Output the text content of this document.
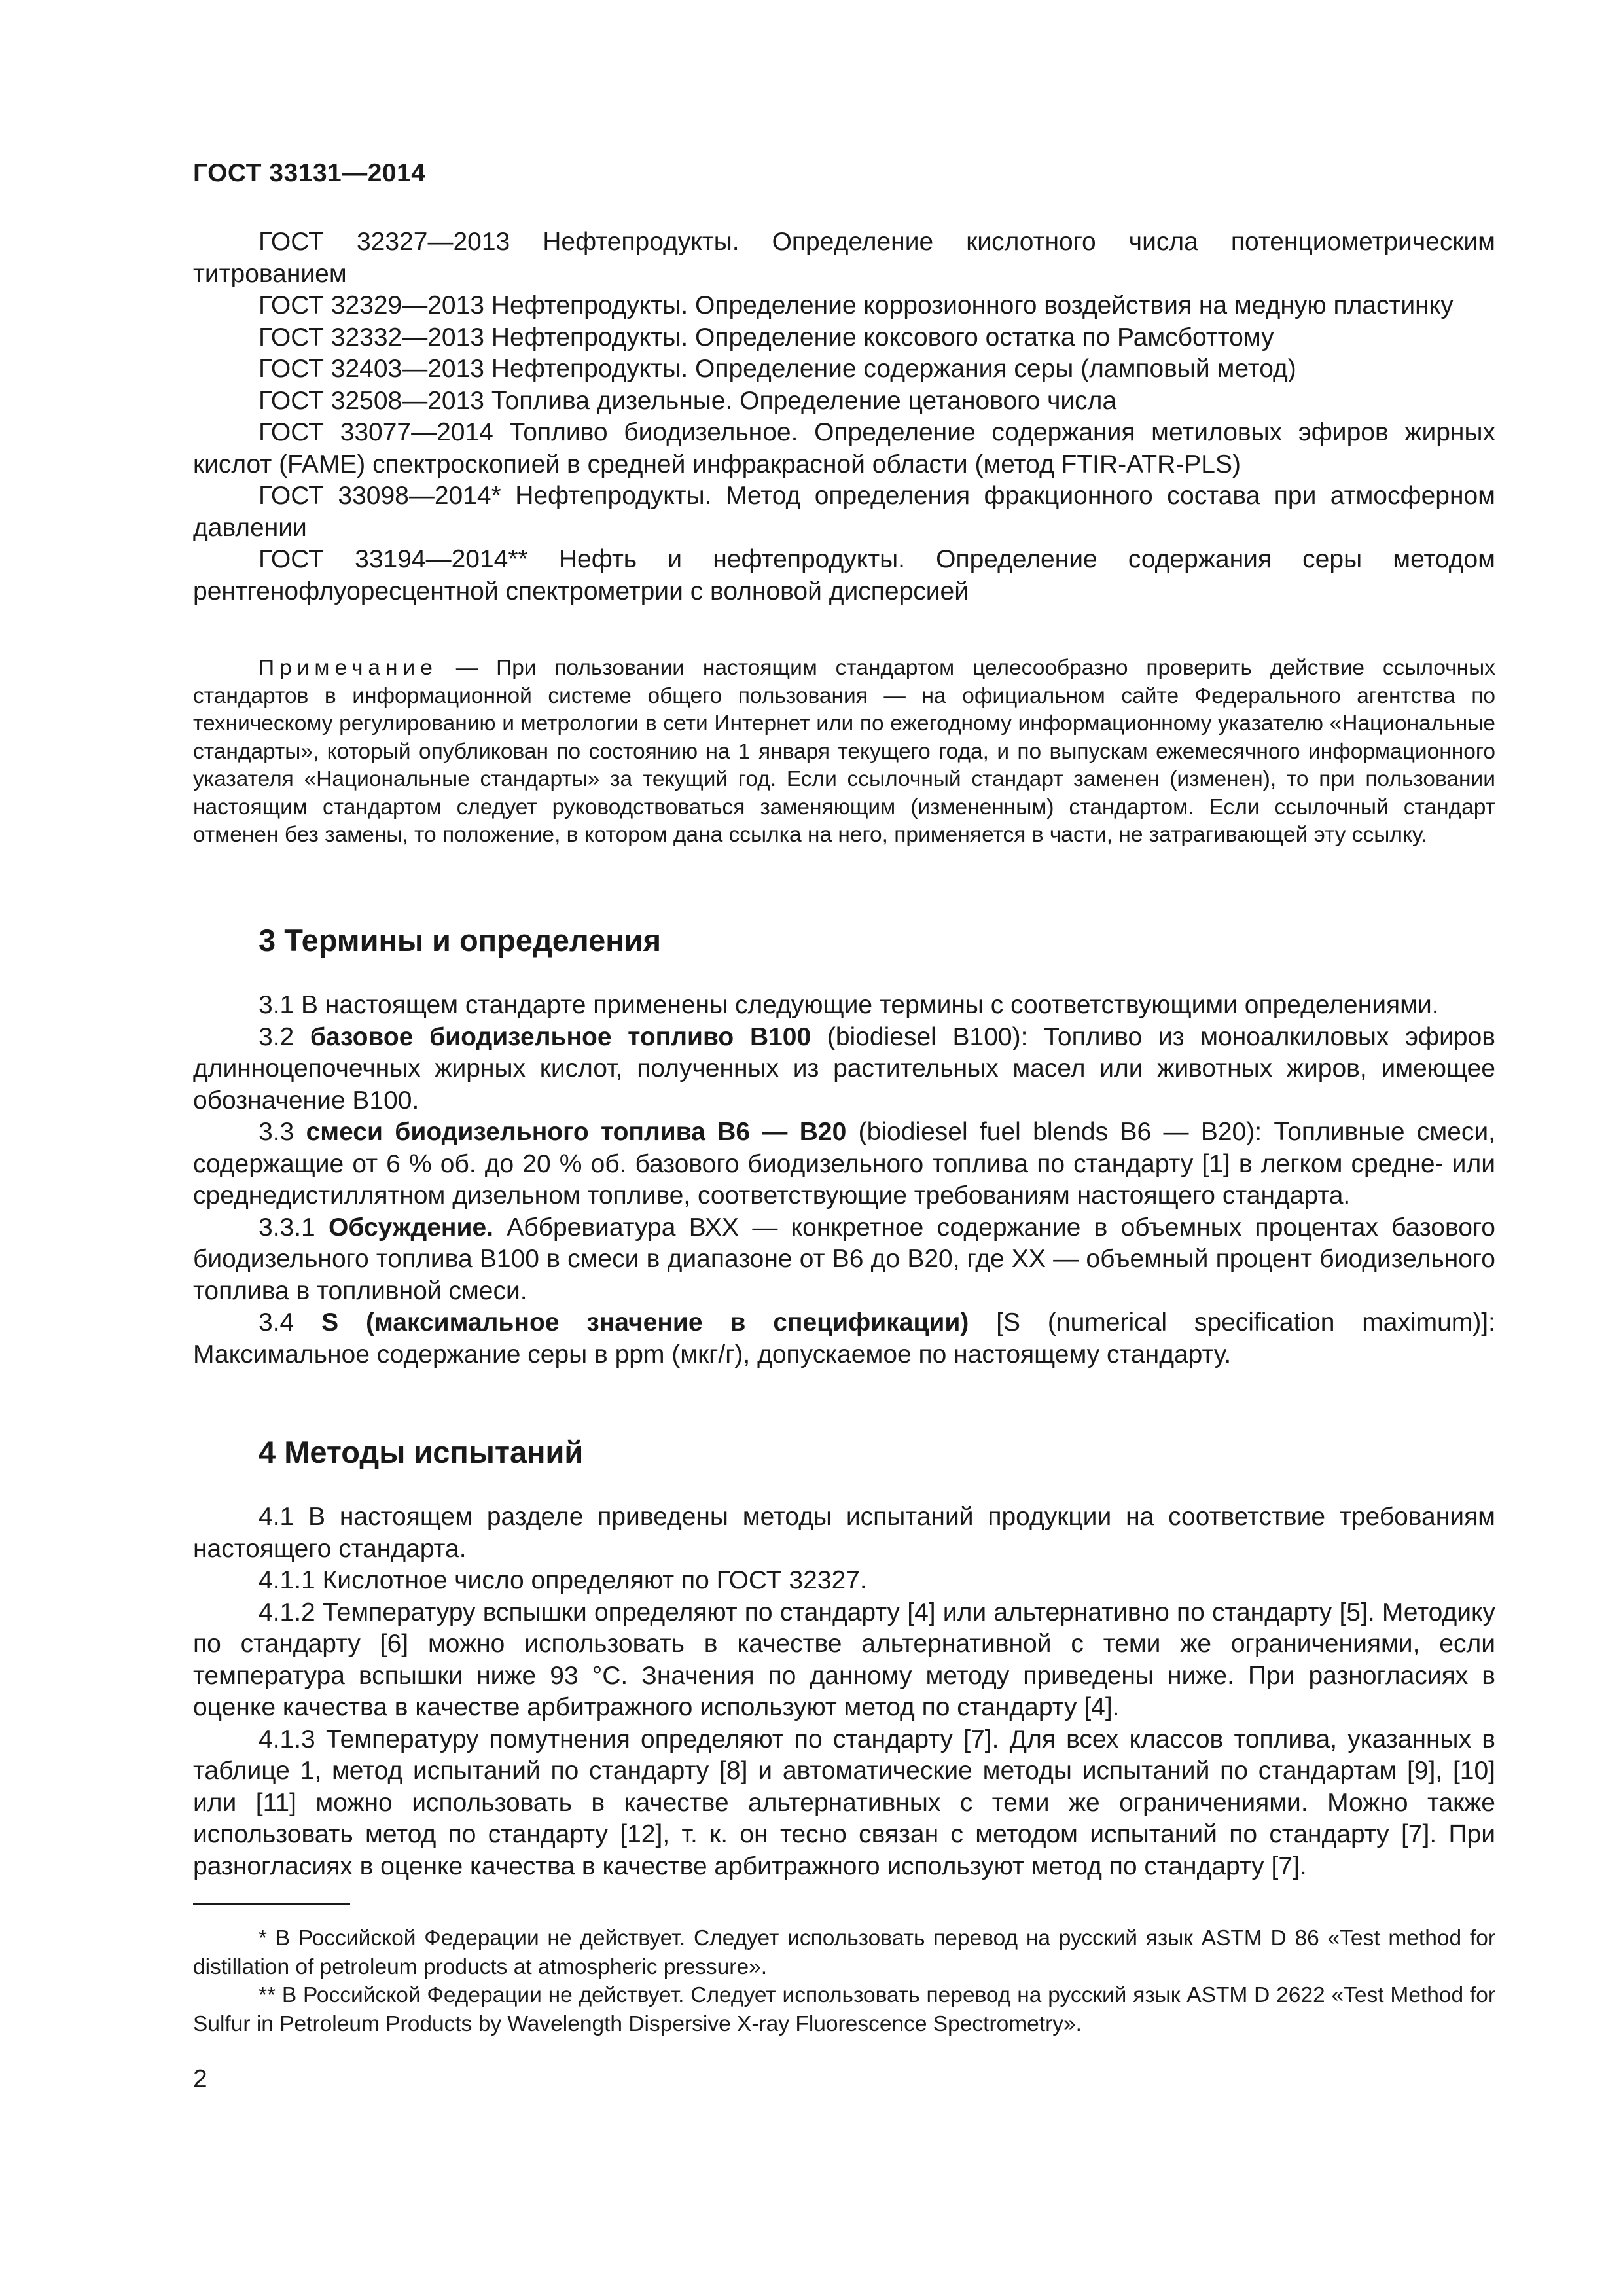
ГОСТ 33131—2014

ГОСТ 32327—2013 Нефтепродукты. Определение кислотного числа потенциометрическим титрованием

ГОСТ 32329—2013 Нефтепродукты. Определение коррозионного воздействия на медную пластинку

ГОСТ 32332—2013 Нефтепродукты. Определение коксового остатка по Рамсботтому

ГОСТ 32403—2013 Нефтепродукты. Определение содержания серы (ламповый метод)

ГОСТ 32508—2013 Топлива дизельные. Определение цетанового числа

ГОСТ 33077—2014 Топливо биодизельное. Определение содержания метиловых эфиров жирных кислот (FAME) спектроскопией в средней инфракрасной области (метод FTIR-ATR-PLS)

ГОСТ 33098—2014* Нефтепродукты. Метод определения фракционного состава при атмосферном давлении

ГОСТ 33194—2014** Нефть и нефтепродукты. Определение содержания серы методом рентгенофлуоресцентной спектрометрии с волновой дисперсией

Примечание — При пользовании настоящим стандартом целесообразно проверить действие ссылочных стандартов в информационной системе общего пользования — на официальном сайте Федерального агентства по техническому регулированию и метрологии в сети Интернет или по ежегодному информационному указателю «Национальные стандарты», который опубликован по состоянию на 1 января текущего года, и по выпускам ежемесячного информационного указателя «Национальные стандарты» за текущий год. Если ссылочный стандарт заменен (изменен), то при пользовании настоящим стандартом следует руководствоваться заменяющим (измененным) стандартом. Если ссылочный стандарт отменен без замены, то положение, в котором дана ссылка на него, применяется в части, не затрагивающей эту ссылку.

3 Термины и определения

3.1 В настоящем стандарте применены следующие термины с соответствующими определениями.

3.2 базовое биодизельное топливо В100 (biodiesel B100): Топливо из моноалкиловых эфиров длинноцепочечных жирных кислот, полученных из растительных масел или животных жиров, имеющее обозначение В100.

3.3 смеси биодизельного топлива В6 — В20 (biodiesel fuel blends B6 — B20): Топливные смеси, содержащие от 6 % об. до 20 % об. базового биодизельного топлива по стандарту [1] в легком средне- или среднедистиллятном дизельном топливе, соответствующие требованиям настоящего стандарта.

3.3.1 Обсуждение. Аббревиатура ВХХ — конкретное содержание в объемных процентах базового биодизельного топлива В100 в смеси в диапазоне от В6 до В20, где ХХ — объемный процент биодизельного топлива в топливной смеси.

3.4 S (максимальное значение в спецификации) [S (numerical specification maximum)]: Максимальное содержание серы в ppm (мкг/г), допускаемое по настоящему стандарту.

4 Методы испытаний

4.1 В настоящем разделе приведены методы испытаний продукции на соответствие требованиям настоящего стандарта.

4.1.1 Кислотное число определяют по ГОСТ 32327.

4.1.2 Температуру вспышки определяют по стандарту [4] или альтернативно по стандарту [5]. Методику по стандарту [6] можно использовать в качестве альтернативной с теми же ограничениями, если температура вспышки ниже 93 °С. Значения по данному методу приведены ниже. При разногласиях в оценке качества в качестве арбитражного используют метод по стандарту [4].

4.1.3 Температуру помутнения определяют по стандарту [7]. Для всех классов топлива, указанных в таблице 1, метод испытаний по стандарту [8] и автоматические методы испытаний по стандартам [9], [10] или [11] можно использовать в качестве альтернативных с теми же ограничениями. Можно также использовать метод по стандарту [12], т. к. он тесно связан с методом испытаний по стандарту [7]. При разногласиях в оценке качества в качестве арбитражного используют метод по стандарту [7].

* В Российской Федерации не действует. Следует использовать перевод на русский язык ASTM D 86 «Test method for distillation of petroleum products at atmospheric pressure».

** В Российской Федерации не действует. Следует использовать перевод на русский язык ASTM D 2622 «Test Method for Sulfur in Petroleum Products by Wavelength Dispersive X-ray Fluorescence Spectrometry».

2
